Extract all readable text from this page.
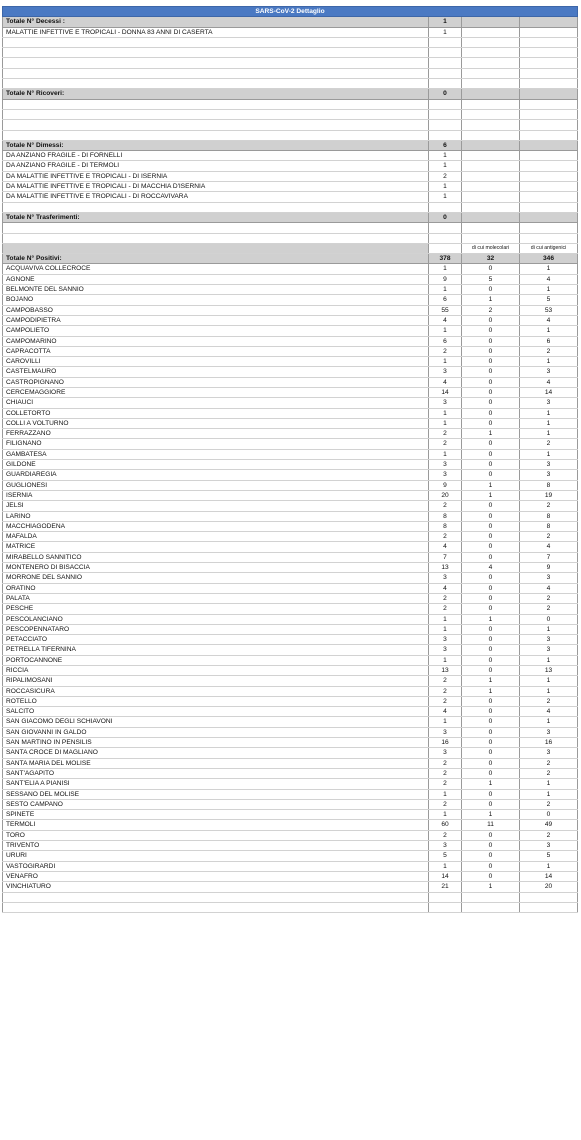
SARS-CoV-2 Dettaglio			
Totale N° Decessi :	1		
MALATTIE INFETTIVE E TROPICALI - DONNA 83 ANNI DI CASERTA	1		

Totale N° Ricoveri:	0		

Totale N° Dimessi:	6		
DA ANZIANO FRAGILE - DI FORNELLI	1		
DA ANZIANO FRAGILE - DI TERMOLI	1		
DA MALATTIE INFETTIVE E TROPICALI - DI ISERNIA	2		
DA MALATTIE INFETTIVE E TROPICALI - DI MACCHIA D'ISERNIA	1		
DA MALATTIE INFETTIVE E TROPICALI - DI ROCCAVIVARA	1		

Totale N° Trasferimenti:	0		

		di cui molecolari	di cui antigenici
Totale N° Positivi:	378	32	346
ACQUAVIVA COLLECROCE	1	0	1
AGNONE	9	5	4
BELMONTE DEL SANNIO	1	0	1
BOJANO	6	1	5
CAMPOBASSO	55	2	53
CAMPODIPIETRA	4	0	4
CAMPOLIETO	1	0	1
CAMPOMARINO	6	0	6
CAPRACOTTA	2	0	2
CAROVILLI	1	0	1
CASTELMAURO	3	0	3
CASTROPIGNANO	4	0	4
CERCEMAGGIORE	14	0	14
CHIAUCI	3	0	3
COLLETORTO	1	0	1
COLLI A VOLTURNO	1	0	1
FERRAZZANO	2	1	1
FILIGNANO	2	0	2
GAMBATESA	1	0	1
GILDONE	3	0	3
GUARDIAREGIA	3	0	3
GUGLIONESI	9	1	8
ISERNIA	20	1	19
JELSI	2	0	2
LARINO	8	0	8
MACCHIAGODENA	8	0	8
MAFALDA	2	0	2
MATRICE	4	0	4
MIRABELLO SANNITICO	7	0	7
MONTENERO DI BISACCIA	13	4	9
MORRONE DEL SANNIO	3	0	3
ORATINO	4	0	4
PALATA	2	0	2
PESCHE	2	0	2
PESCOLANCIANO	1	1	0
PESCOPENNATARO	1	0	1
PETACCIATO	3	0	3
PETRELLA TIFERNINA	3	0	3
PORTOCANNONE	1	0	1
RICCIA	13	0	13
RIPALIMOSANI	2	1	1
ROCCASICURA	2	1	1
ROTELLO	2	0	2
SALCITO	4	0	4
SAN GIACOMO DEGLI SCHIAVONI	1	0	1
SAN GIOVANNI IN GALDO	3	0	3
SAN MARTINO IN PENSILIS	16	0	16
SANTA CROCE DI MAGLIANO	3	0	3
SANTA MARIA DEL MOLISE	2	0	2
SANT'AGAPITO	2	0	2
SANT'ELIA A PIANISI	2	1	1
SESSANO DEL MOLISE	1	0	1
SESTO CAMPANO	2	0	2
SPINETE	1	1	0
TERMOLI	60	11	49
TORO	2	0	2
TRIVENTO	3	0	3
URURI	5	0	5
VASTOGIRARDI	1	0	1
VENAFRO	14	0	14
VINCHIATURO	21	1	20
